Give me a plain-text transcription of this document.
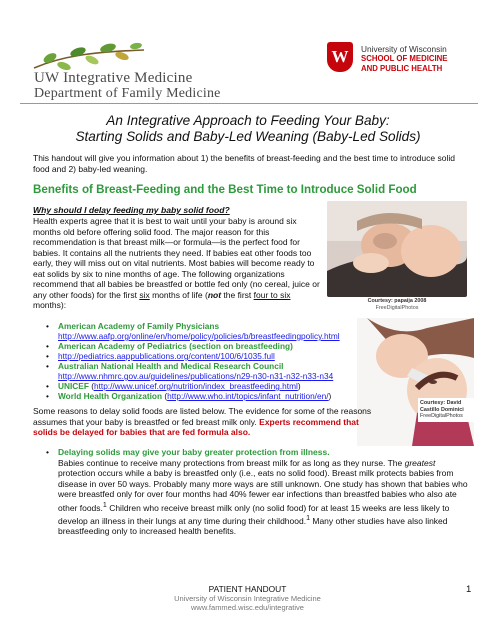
UW Integrative Medicine
Department of Family Medicine
W	University of Wisconsin
SCHOOL OF MEDICINE
AND PUBLIC HEALTH
An Integrative Approach to Feeding Your Baby:
Starting Solids and Baby-Led Weaning (Baby-Led Solids)
This handout will give you information about 1) the benefits of breast-feeding and the best time to introduce solid food and 2) baby-led weaning.
Benefits of Breast-Feeding and the Best Time to Introduce Solid Food
Why should I delay feeding my baby solid food?
Health experts agree that it is best to wait until your baby is around six months old before offering solid food. The major reason for this recommendation is that breast milk—or formula—is the perfect food for babies. It contains all the nutrients they need. If babies eat other foods too early, they will miss out on vital nutrients. Most babies will become ready to eat solids by six to nine months of age. The following organizations recommend that all babies be breastfed or bottle fed only (no cereal, juice or any other foods) for the first six months of life (not the first four to six months):	Courtesy: papaija 2008
FreeDigitalPhotos
Courtesy: David
Castillo Dominici
FreeDigitalPhotos
• American Academy of Family Physicians
http://www.aafp.org/online/en/home/policy/policies/b/breastfeedingpolicy.html
• American Academy of Pediatrics (section on breastfeeding)
• http://pediatrics.aappublications.org/content/100/6/1035.full
• Australian National Health and Medical Research Council
http://www.nhmrc.gov.au/guidelines/publications/n29-n30-n31-n32-n33-n34
• UNICEF (http://www.unicef.org/nutrition/index_breastfeeding.html)
• World Health Organization (http://www.who.int/topics/infant_nutrition/en/)
Some reasons to delay solid foods are listed below. The evidence for some of the reasons assumes that your baby is breastfed or fed breast milk only. Experts recommend that solids be delayed for babies that are fed formula also.
• Delaying solids may give your baby greater protection from illness.
Babies continue to receive many protections from breast milk for as long as they nurse. The greatest protection occurs while a baby is breastfed only (i.e., eats no solid food). Breast milk protects babies from disease in over 50 ways. Probably many more ways are still unknown. One study has shown that babies who were breastfed only for over four months had 40% fewer ear infections than breastfed babies who also ate other foods.$^1$ Children who receive breast milk only (no solid food) for at least 15 weeks are less likely to develop an illness in their lungs at any time during their childhood.$^1$ Many other studies have also linked breastfeeding only to increased health benefits.
PATIENT HANDOUT
University of Wisconsin Integrative Medicine
www.fammed.wisc.edu/integrative
1
